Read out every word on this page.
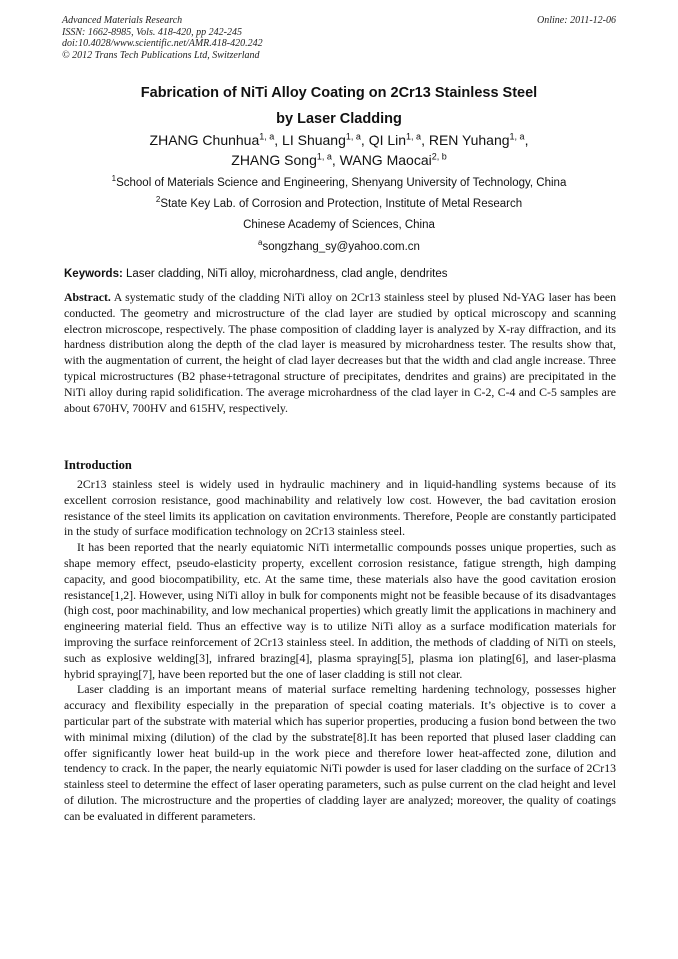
Advanced Materials Research
ISSN: 1662-8985, Vols. 418-420, pp 242-245
doi:10.4028/www.scientific.net/AMR.418-420.242
© 2012 Trans Tech Publications Ltd, Switzerland
Online: 2011-12-06
Fabrication of NiTi Alloy Coating on 2Cr13 Stainless Steel
by Laser Cladding
ZHANG Chunhua$^{1, a}$, LI Shuang$^{1, a}$, QI Lin$^{1, a}$, REN Yuhang$^{1, a}$,
ZHANG Song$^{1, a}$, WANG Maocai$^{2, b}$
$^1$School of Materials Science and Engineering, Shenyang University of Technology, China
$^2$State Key Lab. of Corrosion and Protection, Institute of Metal Research
Chinese Academy of Sciences, China
$^a$songzhang_sy@yahoo.com.cn
Keywords: Laser cladding, NiTi alloy, microhardness, clad angle, dendrites

Abstract. A systematic study of the cladding NiTi alloy on 2Cr13 stainless steel by plused Nd-YAG laser has been conducted. The geometry and microstructure of the clad layer are studied by optical microscopy and scanning electron microscope, respectively. The phase composition of cladding layer is analyzed by X-ray diffraction, and its hardness distribution along the depth of the clad layer is measured by microhardness tester. The results show that, with the augmentation of current, the height of clad layer decreases but that the width and clad angle increase. Three typical microstructures (B2 phase+tetragonal structure of precipitates, dendrites and grains) are precipitated in the NiTi alloy during rapid solidification. The average microhardness of the clad layer in C-2, C-4 and C-5 samples are about 670HV, 700HV and 615HV, respectively.

Introduction

2Cr13 stainless steel is widely used in hydraulic machinery and in liquid-handling systems because of its excellent corrosion resistance, good machinability and relatively low cost. However, the bad cavitation erosion resistance of the steel limits its application on cavitation environments. Therefore, People are constantly participated in the study of surface modification technology on 2Cr13 stainless steel.

It has been reported that the nearly equiatomic NiTi intermetallic compounds posses unique properties, such as shape memory effect, pseudo-elasticity property, excellent corrosion resistance, fatigue strength, high damping capacity, and good biocompatibility, etc. At the same time, these materials also have the good cavitation erosion resistance[1,2]. However, using NiTi alloy in bulk for components might not be feasible because of its disadvantages (high cost, poor machinability, and low mechanical properties) which greatly limit the applications in machinery and engineering material field. Thus an effective way is to utilize NiTi alloy as a surface modification materials for improving the surface reinforcement of 2Cr13 stainless steel. In addition, the methods of cladding of NiTi on steels, such as explosive welding[3], infrared brazing[4], plasma spraying[5], plasma ion plating[6], and laser-plasma hybrid spraying[7], have been reported but the one of laser cladding is still not clear.

Laser cladding is an important means of material surface remelting hardening technology, possesses higher accuracy and flexibility especially in the preparation of special coating materials. It’s objective is to cover a particular part of the substrate with material which has superior properties, producing a fusion bond between the two with minimal mixing (dilution) of the clad by the substrate[8].It has been reported that plused laser cladding can offer significantly lower heat build-up in the work piece and therefore lower heat-affected zone, dilution and tendency to crack. In the paper, the nearly equiatomic NiTi powder is used for laser cladding on the surface of 2Cr13 stainless steel to determine the effect of laser operating parameters, such as pulse current on the clad height and level of dilution. The microstructure and the properties of cladding layer are analyzed; moreover, the quality of coatings can be evaluated in different parameters.
